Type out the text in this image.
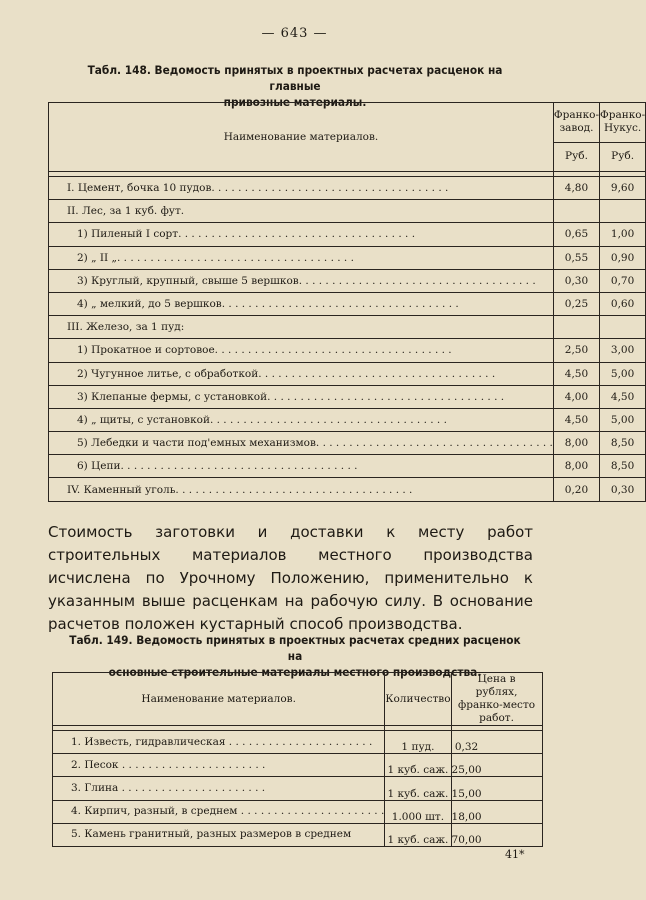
— 643 —
Табл. 148. Ведомость принятых в проектных расчетах расценок на главные
привозные материалы.
Наименование материалов.	Франко-завод.	Франко-Нукус.
	Руб.	Руб.

I. Цемент, бочка 10 пудов. . . . . . . . . . . . . . . . . . . . . . . . . . . . . . . . . . . .	4,80	9,60
II. Лес, за 1 куб. фут.		
1) Пиленый I сорт. . . . . . . . . . . . . . . . . . . . . . . . . . . . . . . . . . . .	0,65	1,00
2) „ II „. . . . . . . . . . . . . . . . . . . . . . . . . . . . . . . . . . . .	0,55	0,90
3) Круглый, крупный, свыше 5 вершков. . . . . . . . . . . . . . . . . . . . . . . . . . . . . . . . . . . .	0,30	0,70
4) „ мелкий, до 5 вершков. . . . . . . . . . . . . . . . . . . . . . . . . . . . . . . . . . . .	0,25	0,60
III. Железо, за 1 пуд:		
1) Прокатное и сортовое. . . . . . . . . . . . . . . . . . . . . . . . . . . . . . . . . . . .	2,50	3,00
2) Чугунное литье, с обработкой. . . . . . . . . . . . . . . . . . . . . . . . . . . . . . . . . . . .	4,50	5,00
3) Клепаные фермы, с установкой. . . . . . . . . . . . . . . . . . . . . . . . . . . . . . . . . . . .	4,00	4,50
4) „ щиты, с установкой. . . . . . . . . . . . . . . . . . . . . . . . . . . . . . . . . . . .	4,50	5,00
5) Лебедки и части под'емных механизмов. . . . . . . . . . . . . . . . . . . . . . . . . . . . . . . . . . . .	8,00	8,50
6) Цепи. . . . . . . . . . . . . . . . . . . . . . . . . . . . . . . . . . . .	8,00	8,50
IV. Каменный уголь. . . . . . . . . . . . . . . . . . . . . . . . . . . . . . . . . . . .	0,20	0,30
Стоимость заготовки и доставки к месту работ строительных материалов местного производства исчислена по Урочному Положению, применительно к указанным выше расценкам на рабочую силу. В основание расчетов положен кустарный способ производства.
Табл. 149. Ведомость принятых в проектных расчетах средних расценок на
основные строительные материалы местного производства.
Наименование материалов.	Количество	Цена в рублях, франко-место работ.

1. Известь, гидравлическая . . . . . . . . . . . . . . . . . . . . . .	1 пуд.	0,32
2. Песок . . . . . . . . . . . . . . . . . . . . . .	1 куб. саж.	25,00
3. Глина . . . . . . . . . . . . . . . . . . . . . .	1 куб. саж.	15,00
4. Кирпич, разный, в среднем . . . . . . . . . . . . . . . . . . . . . .	1.000 шт.	18,00
5. Камень гранитный, разных размеров в среднем	1 куб. саж.	70,00
41*
